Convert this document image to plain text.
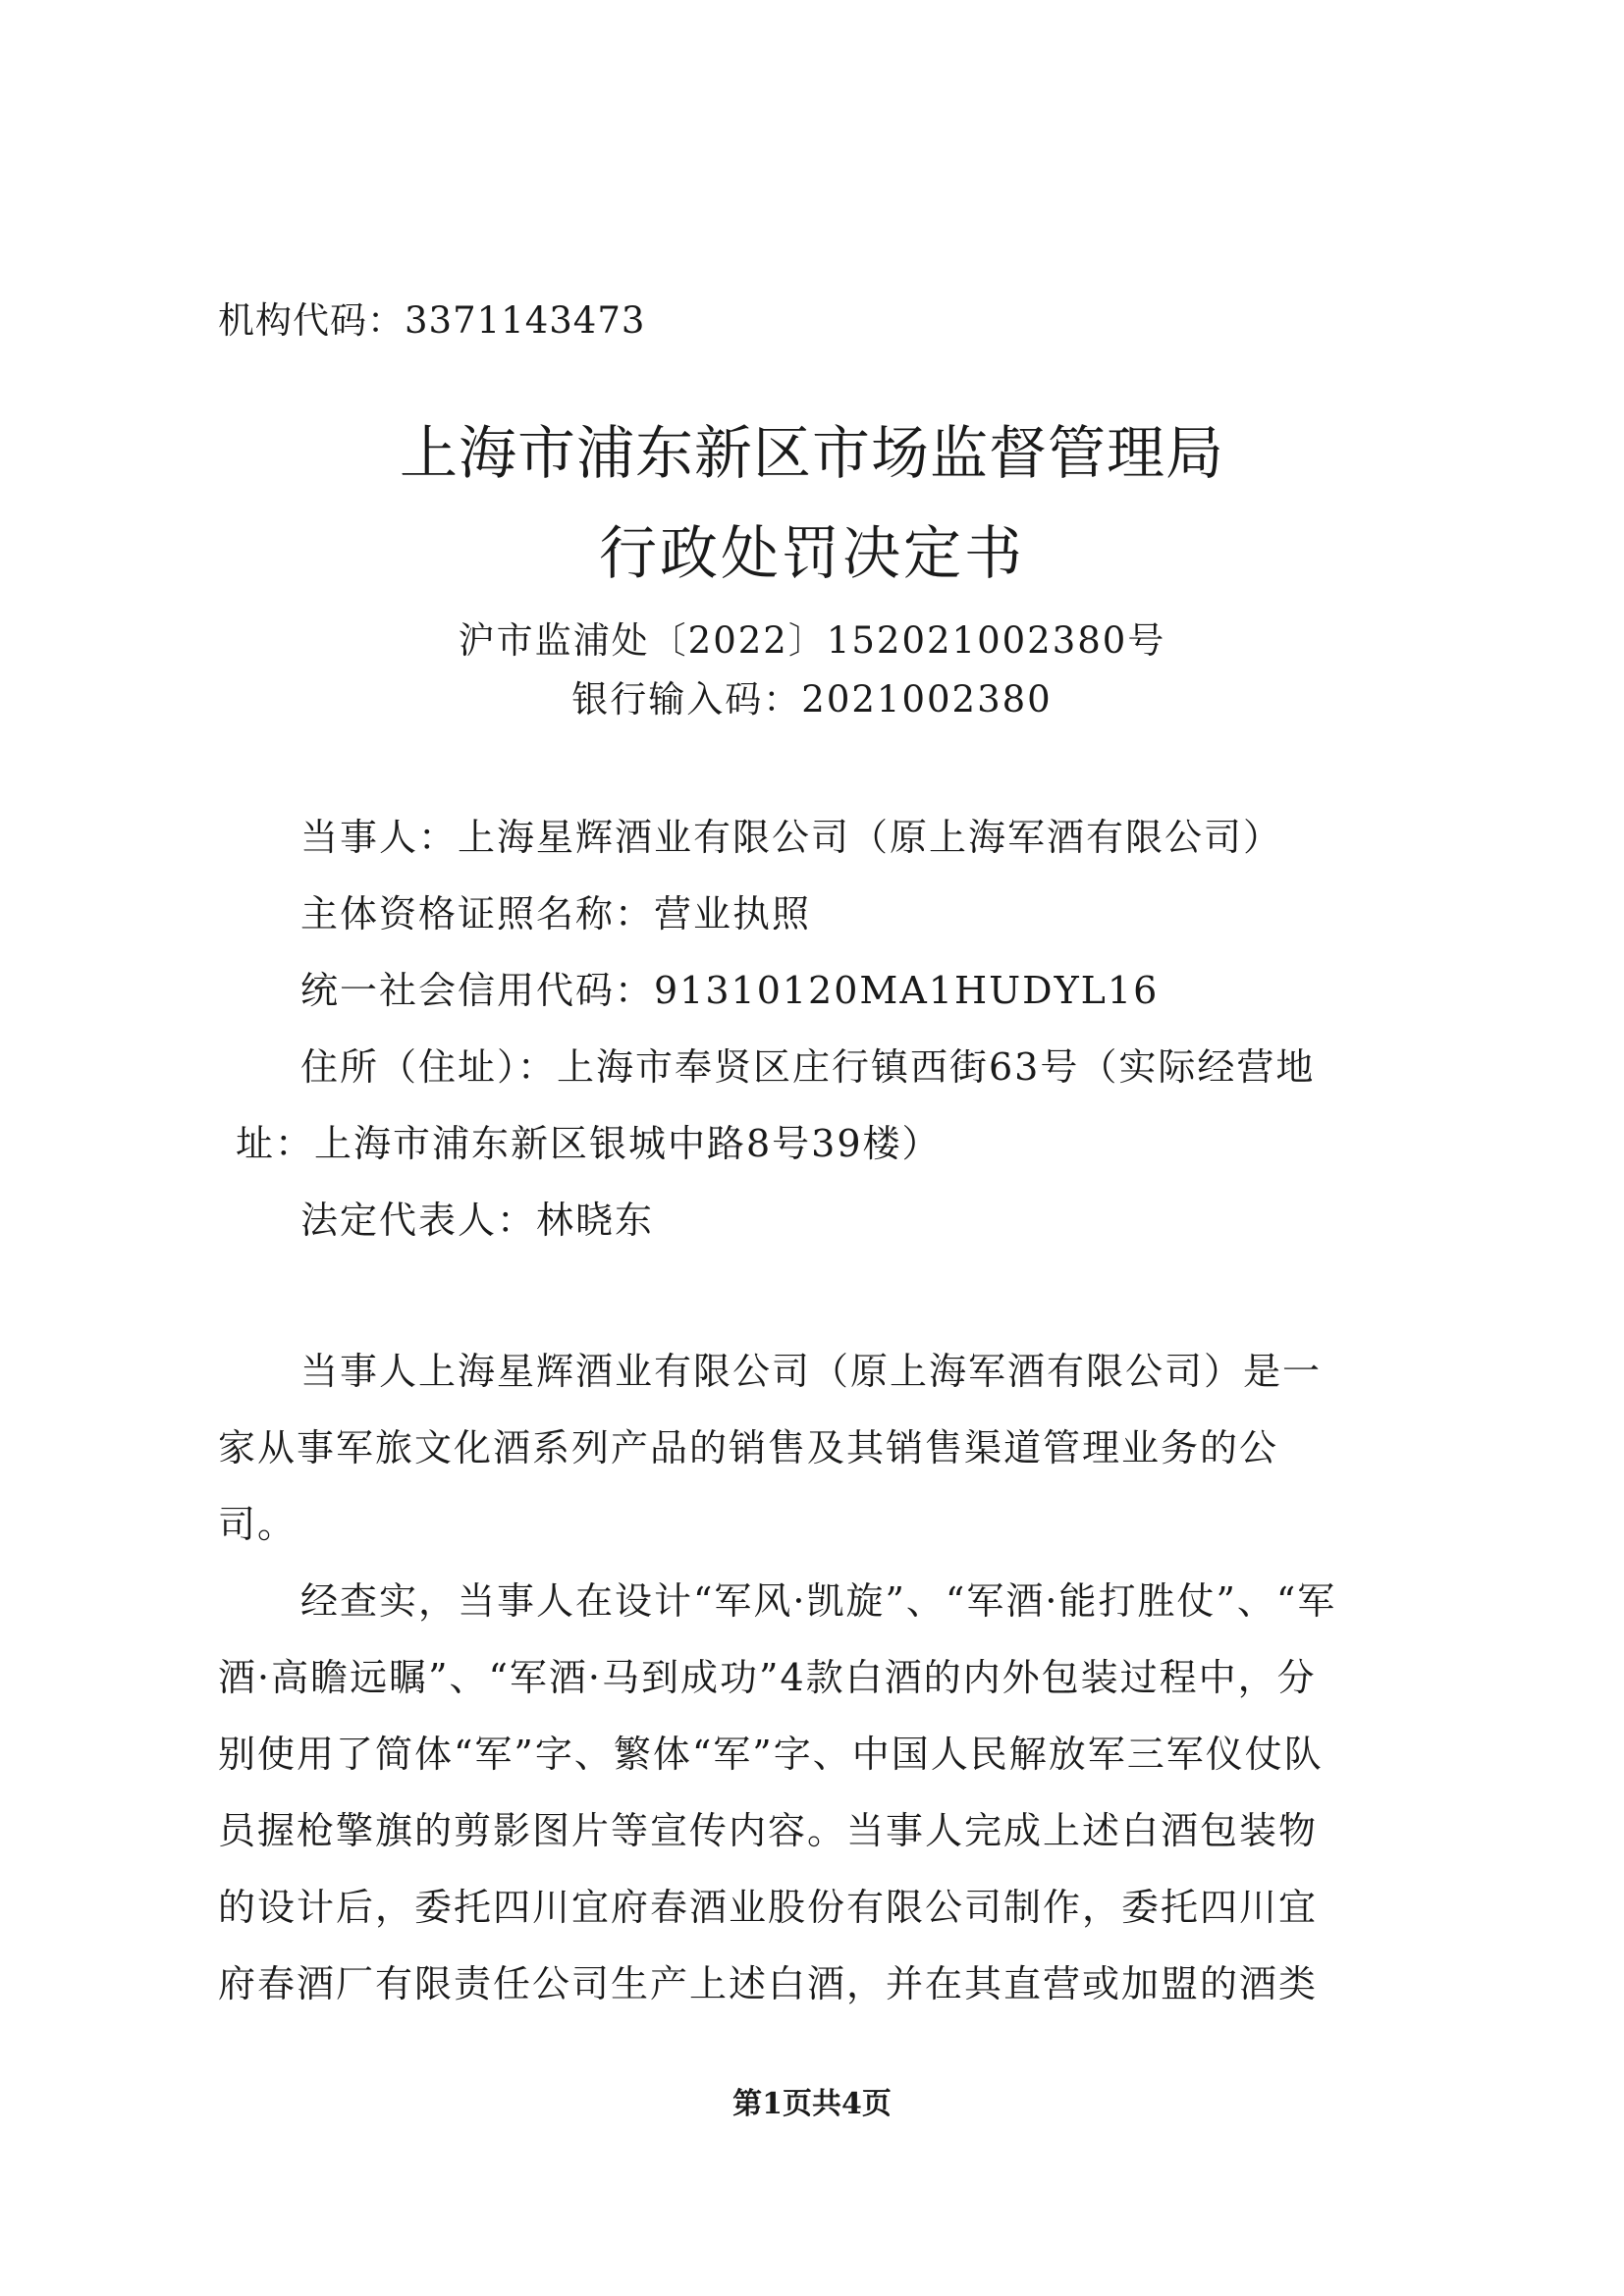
机构代码：3371143473
上海市浦东新区市场监督管理局
行政处罚决定书
沪市监浦处〔2022〕152021002380号
银行输入码：2021002380
当事人：上海星辉酒业有限公司（原上海军酒有限公司）
主体资格证照名称：营业执照
统一社会信用代码：91310120MA1HUDYL16
住所（住址）：上海市奉贤区庄行镇西街63号（实际经营地
址：上海市浦东新区银城中路8号39楼）
法定代表人：林晓东
当事人上海星辉酒业有限公司（原上海军酒有限公司）是一
家从事军旅文化酒系列产品的销售及其销售渠道管理业务的公
司。
经查实，当事人在设计“军风·凯旋”、“军酒·能打胜仗”、“军
酒·高瞻远瞩”、“军酒·马到成功”4款白酒的内外包装过程中，分
别使用了简体“军”字、繁体“军”字、中国人民解放军三军仪仗队
员握枪擎旗的剪影图片等宣传内容。当事人完成上述白酒包装物
的设计后，委托四川宜府春酒业股份有限公司制作，委托四川宜
府春酒厂有限责任公司生产上述白酒，并在其直营或加盟的酒类
第1页共4页
